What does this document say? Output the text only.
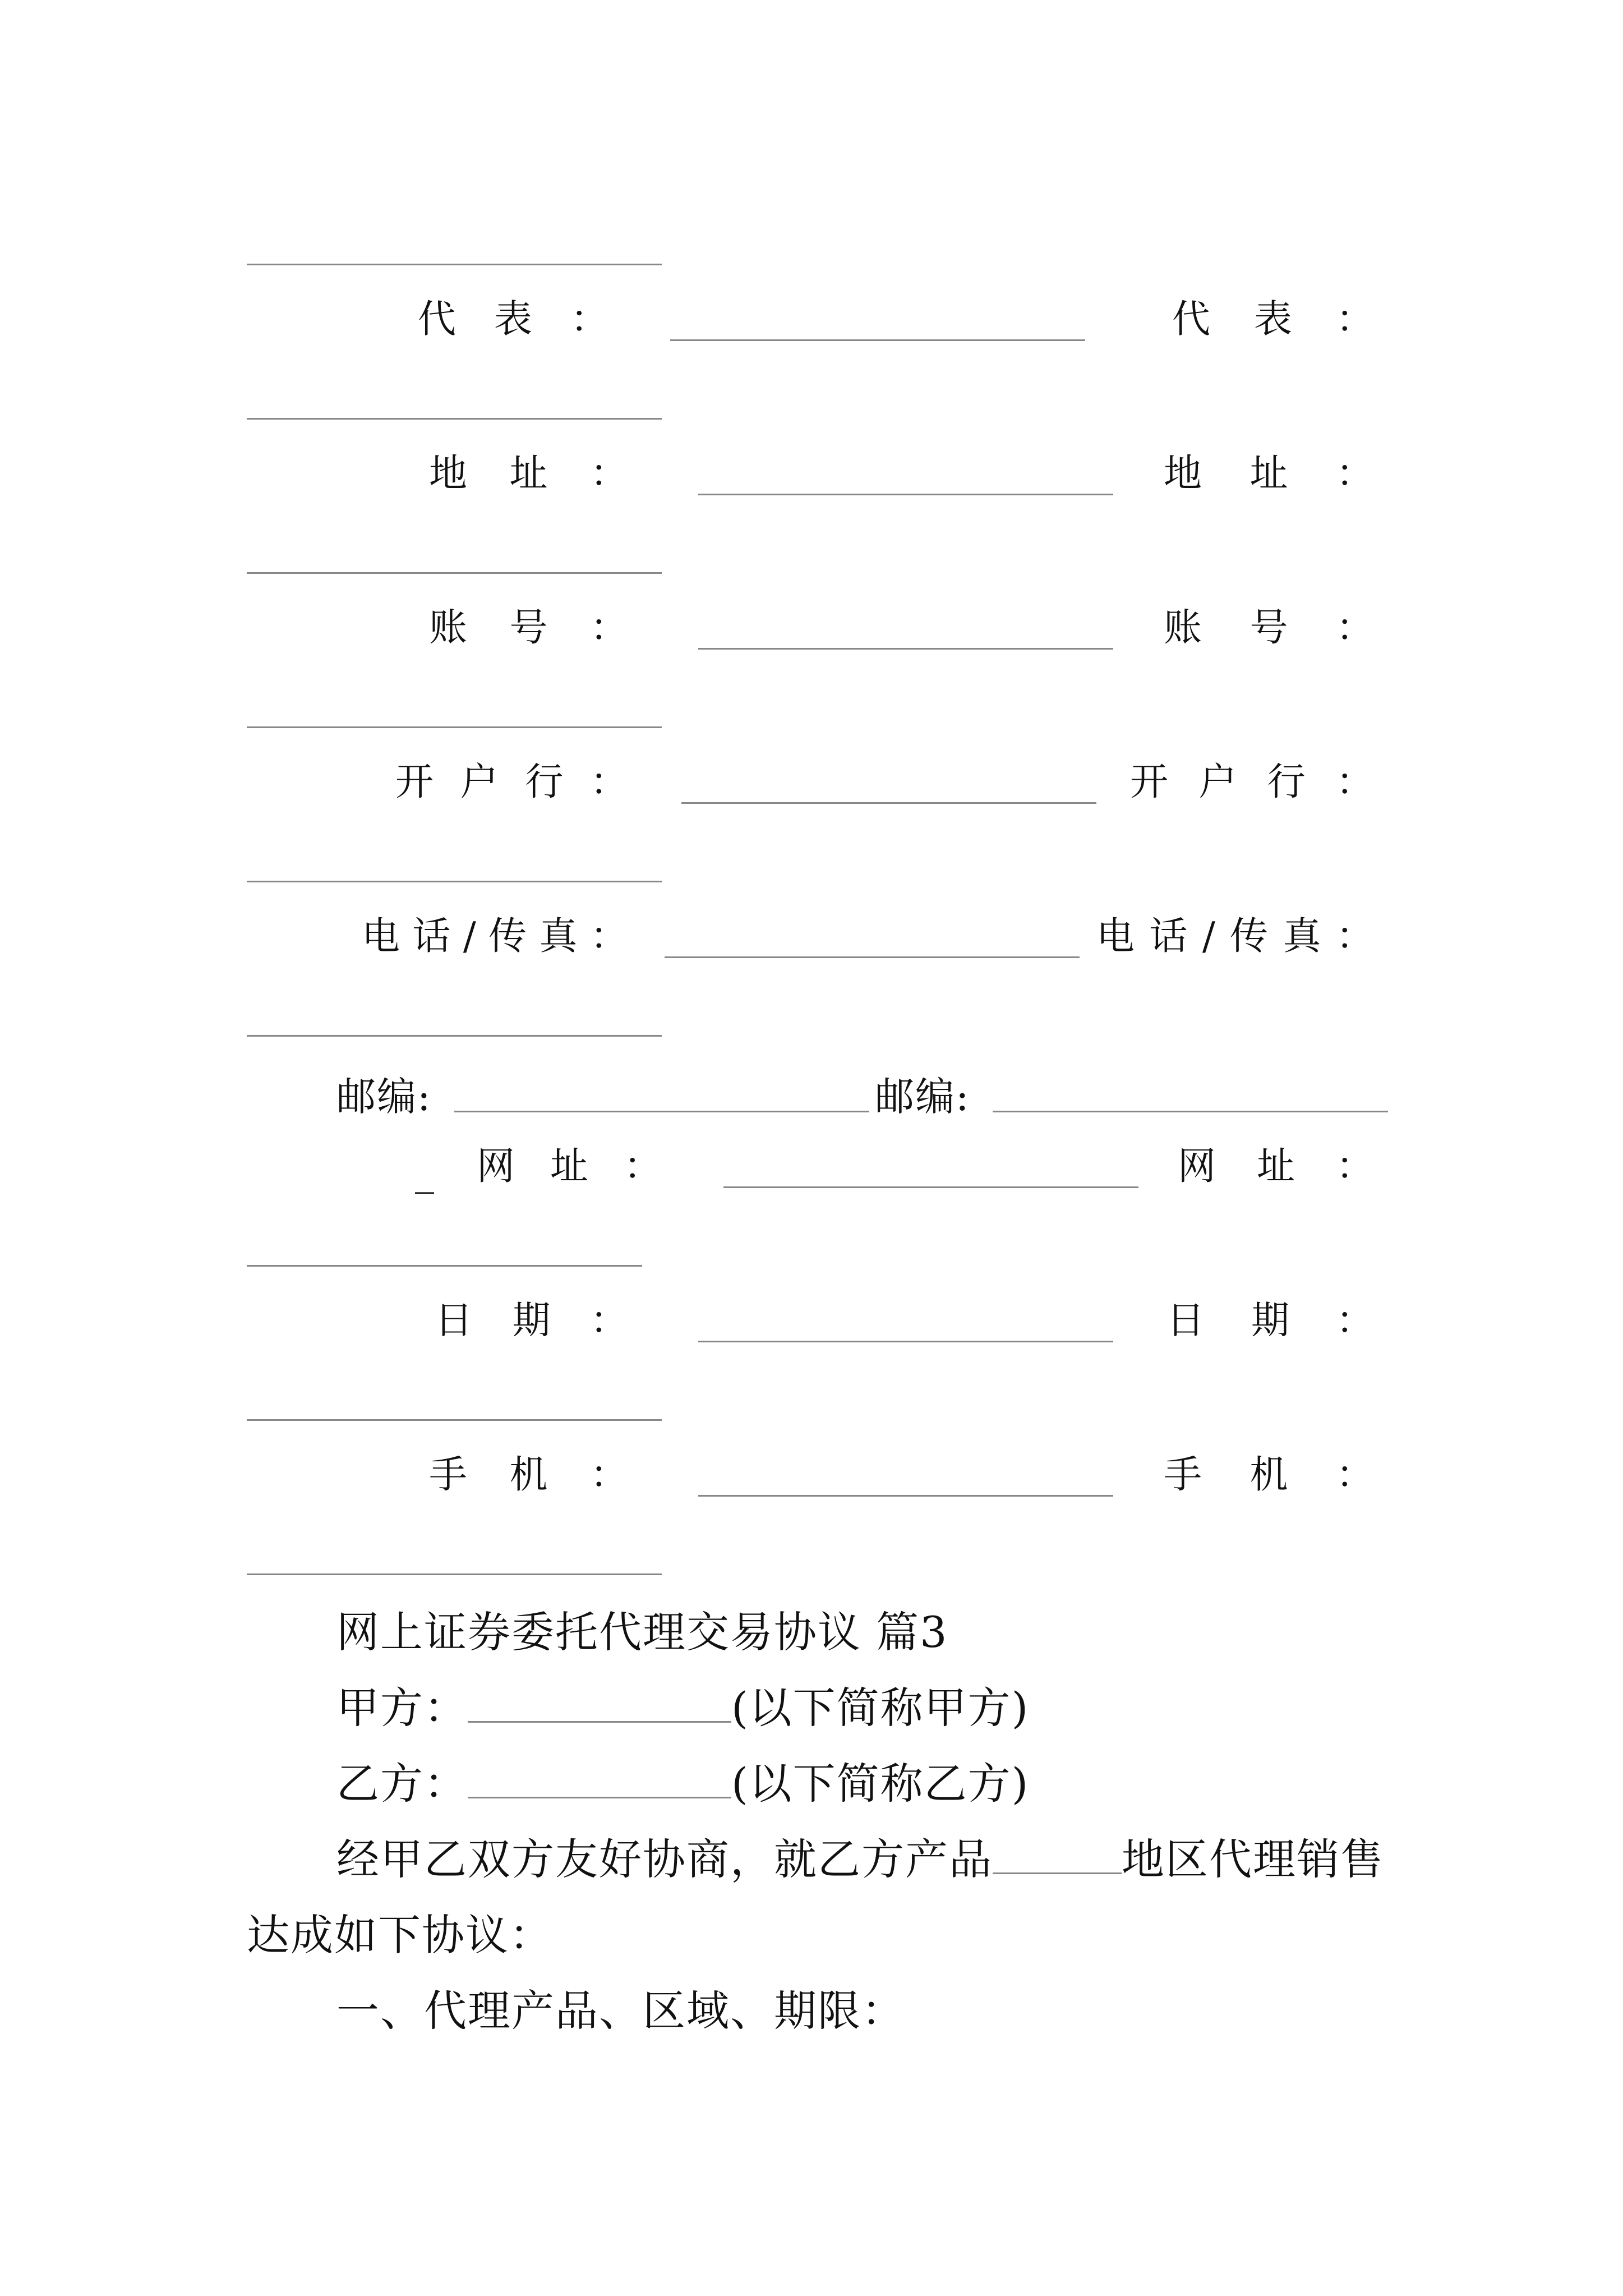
代 表 ：	代 表 ：
地 址 ：	地 址 ：
账 号 ：	账 号 ：
开 户 行 ：	开 户 行 ：
电 话 / 传 真 ：	电 话 / 传 真 ：
邮编:	邮编:
_ 网 址 ：	网 址 ：
日 期 ：	日 期 ：
手 机 ：	手 机 ：
网上证券委托代理交易协议 篇3
甲方：	(以下简称甲方)
乙方：	(以下简称乙方)
经甲乙双方友好协商，就乙方产品	地区代理销售
达成如下协议：
一、代理产品、区域、期限：
